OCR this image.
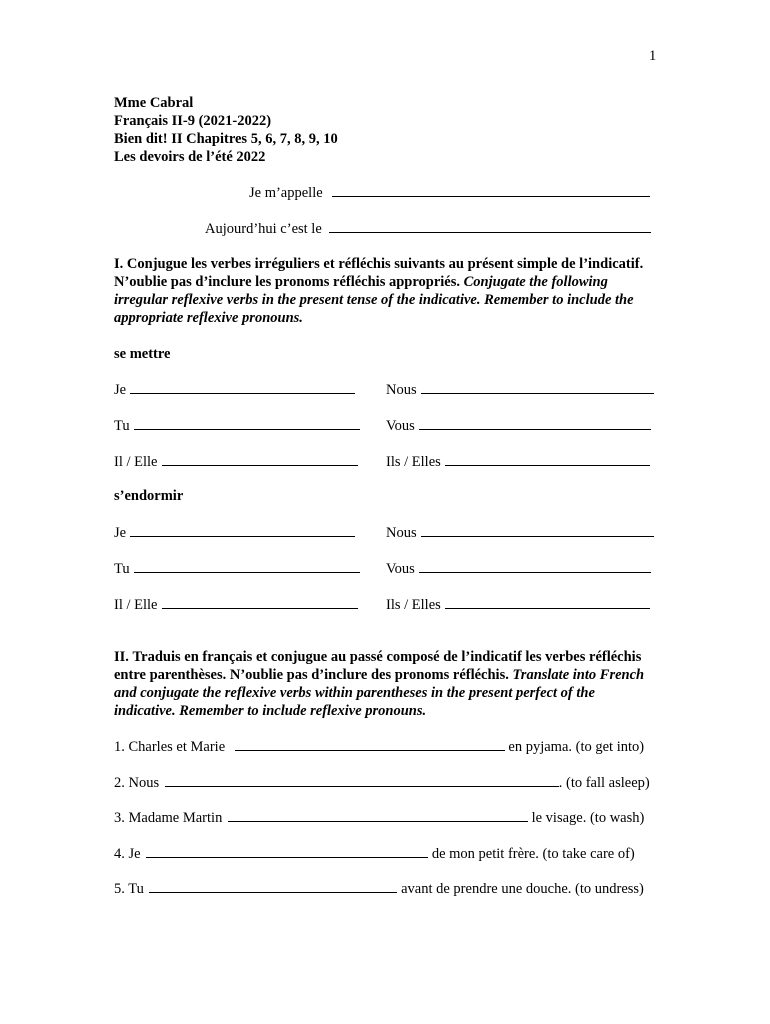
1
Mme Cabral
Français II-9 (2021-2022)
Bien dit! II Chapitres 5, 6, 7, 8, 9, 10
Les devoirs de l’été 2022
Je m’appelle
Aujourd’hui c’est le
I. Conjugue les verbes irréguliers et réfléchis suivants au présent simple de l’indicatif. N’oublie pas d’inclure les pronoms réfléchis appropriés. Conjugate the following irregular reflexive verbs in the present tense of the indicative. Remember to include the appropriate reflexive pronouns.
se mettre
Je	Nous
Tu	Vous
Il / Elle	Ils / Elles
s’endormir
Je	Nous
Tu	Vous
Il / Elle	Ils / Elles
II. Traduis en français et conjugue au passé composé de l’indicatif les verbes réfléchis entre parenthèses. N’oublie pas d’inclure des pronoms réfléchis. Translate into French and conjugate the reflexive verbs within parentheses in the present perfect of the indicative. Remember to include reflexive pronouns.
1. Charles et Marie	en pyjama. (to get into)
2. Nous	. (to fall asleep)
3. Madame Martin	le visage. (to wash)
4. Je	de mon petit frère. (to take care of)
5. Tu	avant de prendre une douche. (to undress)
